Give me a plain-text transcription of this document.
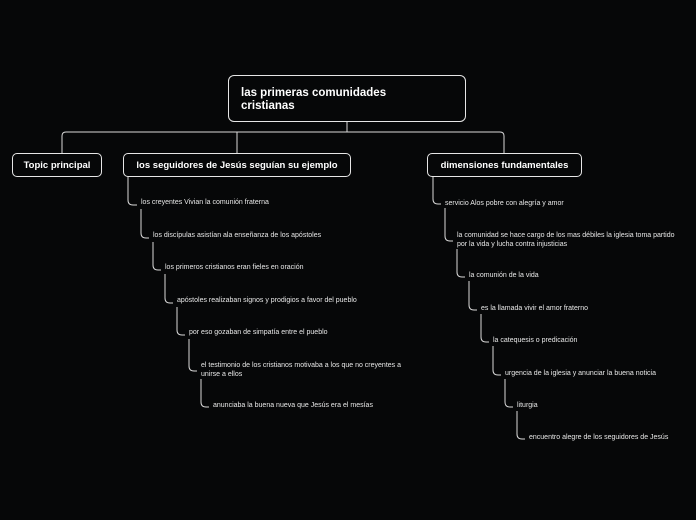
las primeras comunidades cristianas
Topic principal	los seguidores de Jesús seguían su ejemplo	dimensiones fundamentales
los creyentes Vivian la comunión fraterna
los discípulas asistían ala enseñanza de los apóstoles
los primeros cristianos eran fieles en oración
apóstoles realizaban signos y prodigios a favor del pueblo
por eso gozaban de simpatía entre el pueblo
el testimonio de los cristianos motivaba a los que no creyentes a unirse a ellos
anunciaba la buena nueva que Jesús era el mesías
servicio Alos pobre con alegría y amor
la comunidad se hace cargo de los mas débiles la iglesia toma partido por la vida y lucha contra injusticias
la comunión de la vida
es la llamada vivir el amor fraterno
la catequesis o predicación
urgencia de la iglesia y anunciar la buena noticia
liturgia
encuentro alegre de los seguidores de Jesús
